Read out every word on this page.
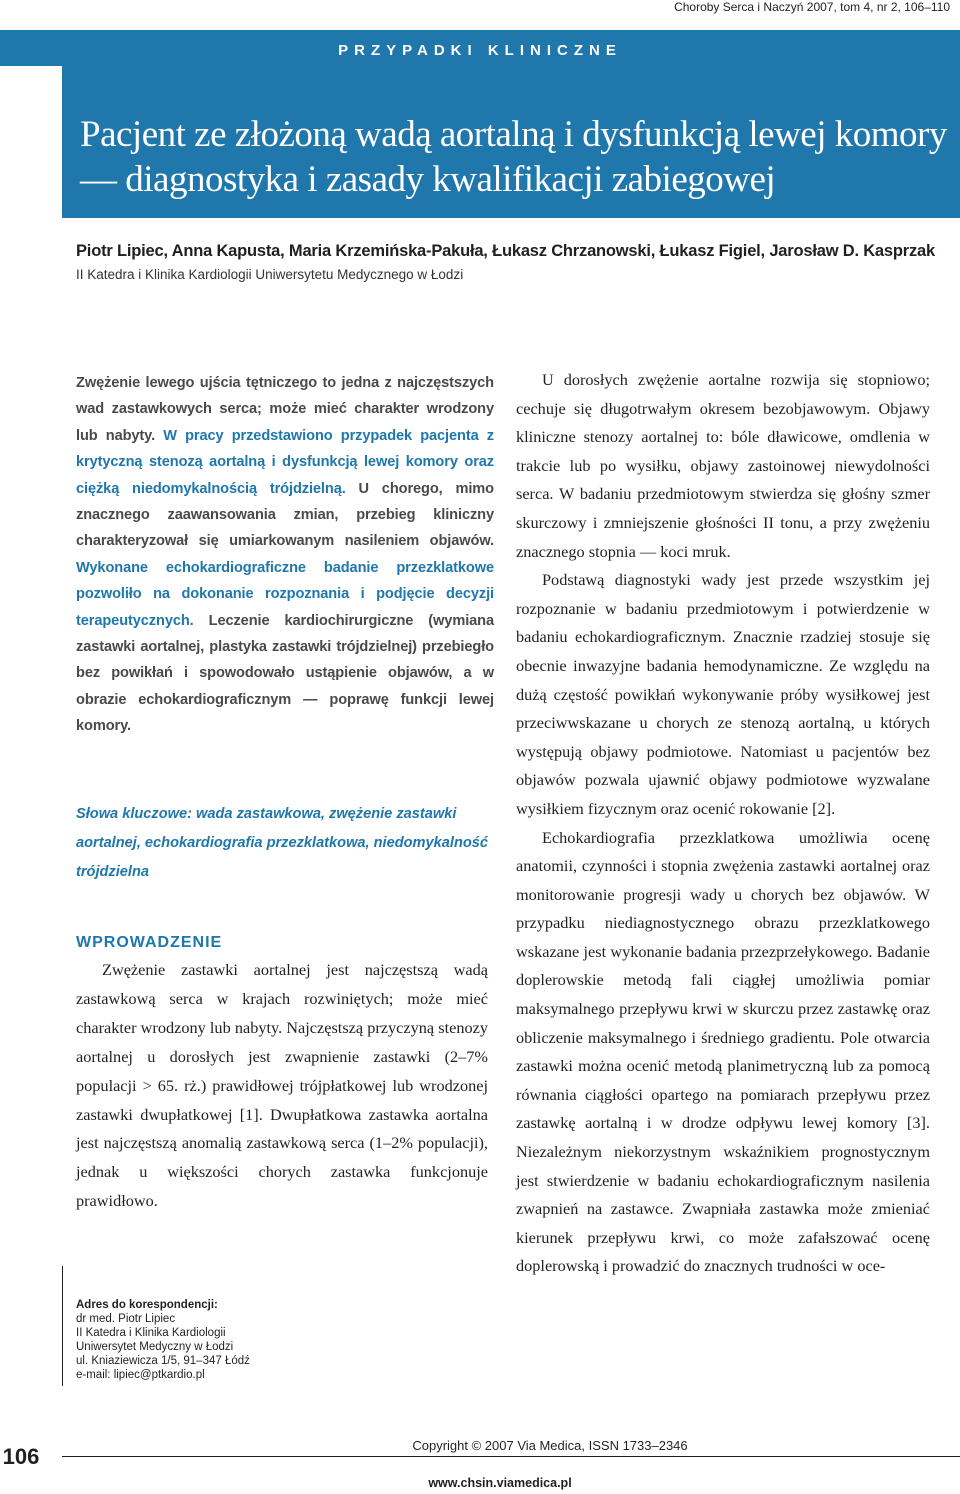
Choroby Serca i Naczyń 2007, tom 4, nr 2, 106–110
PRZYPADKI KLINICZNE
Pacjent ze złożoną wadą aortalną i dysfunkcją lewej komory
— diagnostyka i zasady kwalifikacji zabiegowej
Piotr Lipiec, Anna Kapusta, Maria Krzemińska-Pakuła, Łukasz Chrzanowski, Łukasz Figiel, Jarosław D. Kasprzak
II Katedra i Klinika Kardiologii Uniwersytetu Medycznego w Łodzi
Zwężenie lewego ujścia tętniczego to jedna z najczęstszych wad zastawkowych serca; może mieć charakter wrodzony lub nabyty. W pracy przedstawiono przypadek pacjenta z krytyczną stenozą aortalną i dysfunkcją lewej komory oraz ciężką niedomykalnością trójdzielną. U chorego, mimo znacznego zaawansowania zmian, przebieg kliniczny charakteryzował się umiarkowanym nasileniem objawów. Wykonane echokardiograficzne badanie przezklatkowe pozwoliło na dokonanie rozpoznania i podjęcie decyzji terapeutycznych. Leczenie kardiochirurgiczne (wymiana zastawki aortalnej, plastyka zastawki trójdzielnej) przebiegło bez powikłań i spowodowało ustąpienie objawów, a w obrazie echokardiograficznym — poprawę funkcji lewej komory.
Słowa kluczowe: wada zastawkowa, zwężenie zastawki aortalnej, echokardiografia przezklatkowa, niedomykalność trójdzielna
WPROWADZENIE

Zwężenie zastawki aortalnej jest najczęstszą wadą zastawkową serca w krajach rozwiniętych; może mieć charakter wrodzony lub nabyty. Najczęstszą przyczyną stenozy aortalnej u dorosłych jest zwapnienie zastawki (2–7% populacji > 65. rż.) prawidłowej trójpłatkowej lub wrodzonej zastawki dwupłatkowej [1]. Dwupłatkowa zastawka aortalna jest najczęstszą anomalią zastawkową serca (1–2% populacji), jednak u większości chorych zastawka funkcjonuje prawidłowo.

Adres do korespondencji:
dr med. Piotr Lipiec
II Katedra i Klinika Kardiologii
Uniwersytet Medyczny w Łodzi
ul. Kniaziewicza 1/5, 91–347 Łódź
e-mail: lipiec@ptkardio.pl

U dorosłych zwężenie aortalne rozwija się stopniowo; cechuje się długotrwałym okresem bezobjawowym. Objawy kliniczne stenozy aortalnej to: bóle dławicowe, omdlenia w trakcie lub po wysiłku, objawy zastoinowej niewydolności serca. W badaniu przedmiotowym stwierdza się głośny szmer skurczowy i zmniejszenie głośności II tonu, a przy zwężeniu znacznego stopnia — koci mruk.

Podstawą diagnostyki wady jest przede wszystkim jej rozpoznanie w badaniu przedmiotowym i potwierdzenie w badaniu echokardiograficznym. Znacznie rzadziej stosuje się obecnie inwazyjne badania hemodynamiczne. Ze względu na dużą częstość powikłań wykonywanie próby wysiłkowej jest przeciwwskazane u chorych ze stenozą aortalną, u których występują objawy podmiotowe. Natomiast u pacjentów bez objawów pozwala ujawnić objawy podmiotowe wyzwalane wysiłkiem fizycznym oraz ocenić rokowanie [2].

Echokardiografia przezklatkowa umożliwia ocenę anatomii, czynności i stopnia zwężenia zastawki aortalnej oraz monitorowanie progresji wady u chorych bez objawów. W przypadku niediagnostycznego obrazu przezklatkowego wskazane jest wykonanie badania przezprzełykowego. Badanie doplerowskie metodą fali ciągłej umożliwia pomiar maksymalnego przepływu krwi w skurczu przez zastawkę oraz obliczenie maksymalnego i średniego gradientu. Pole otwarcia zastawki można ocenić metodą planimetryczną lub za pomocą równania ciągłości opartego na pomiarach przepływu przez zastawkę aortalną i w drodze odpływu lewej komory [3]. Niezależnym niekorzystnym wskaźnikiem prognostycznym jest stwierdzenie w badaniu echokardiograficznym nasilenia zwapnień na zastawce. Zwapniała zastawka może zmieniać kierunek przepływu krwi, co może zafałszować ocenę doplerowską i prowadzić do znacznych trudności w oce-

106	Copyright © 2007 Via Medica, ISSN 1733–2346
www.chsin.viamedica.pl
